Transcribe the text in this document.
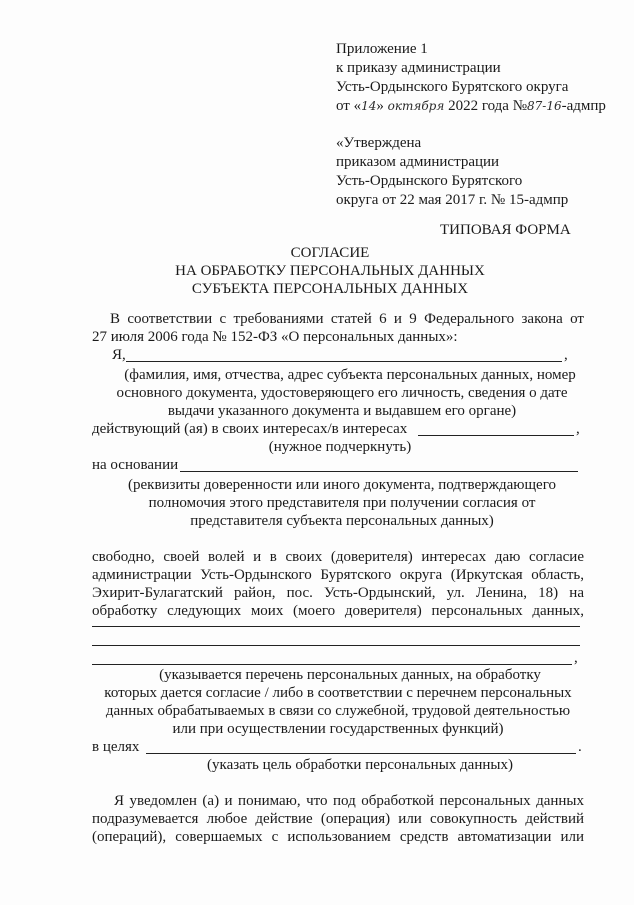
Приложение 1
к приказу администрации
Усть-Ордынского Бурятского округа
от «14» октября 2022 года №87-16-адмпр
«Утверждена
приказом администрации
Усть-Ордынского Бурятского
округа от 22 мая 2017 г. № 15-адмпр
ТИПОВАЯ ФОРМА
СОГЛАСИЕ
НА ОБРАБОТКУ ПЕРСОНАЛЬНЫХ ДАННЫХ
СУБЪЕКТА ПЕРСОНАЛЬНЫХ ДАННЫХ
В соответствии с требованиями статей 6 и 9 Федерального закона от
27 июля 2006 года № 152-ФЗ «О персональных данных»:
Я,	,
(фамилия, имя, отчества, адрес субъекта персональных данных, номер
основного документа, удостоверяющего его личность, сведения о дате
выдачи указанного документа и выдавшем его органе)
действующий (ая) в своих интересах/в интересах	,
(нужное подчеркнуть)
на основании
(реквизиты доверенности или иного документа, подтверждающего
полномочия этого представителя при получении согласия от
представителя субъекта персональных данных)
свободно, своей волей и в своих (доверителя) интересах даю согласие
администрации Усть-Ордынского Бурятского округа (Иркутская область,
Эхирит-Булагатский район, пос. Усть-Ордынский, ул. Ленина, 18) на
обработку следующих моих (моего доверителя) персональных данных,
,
(указывается перечень персональных данных, на обработку
которых дается согласие / либо в соответствии с перечнем персональных
данных обрабатываемых в связи со служебной, трудовой деятельностью
или при осуществлении государственных функций)
в целях	.
(указать цель обработки персональных данных)
Я уведомлен (а) и понимаю, что под обработкой персональных данных
подразумевается любое действие (операция) или совокупность действий
(операций), совершаемых с использованием средств автоматизации или
